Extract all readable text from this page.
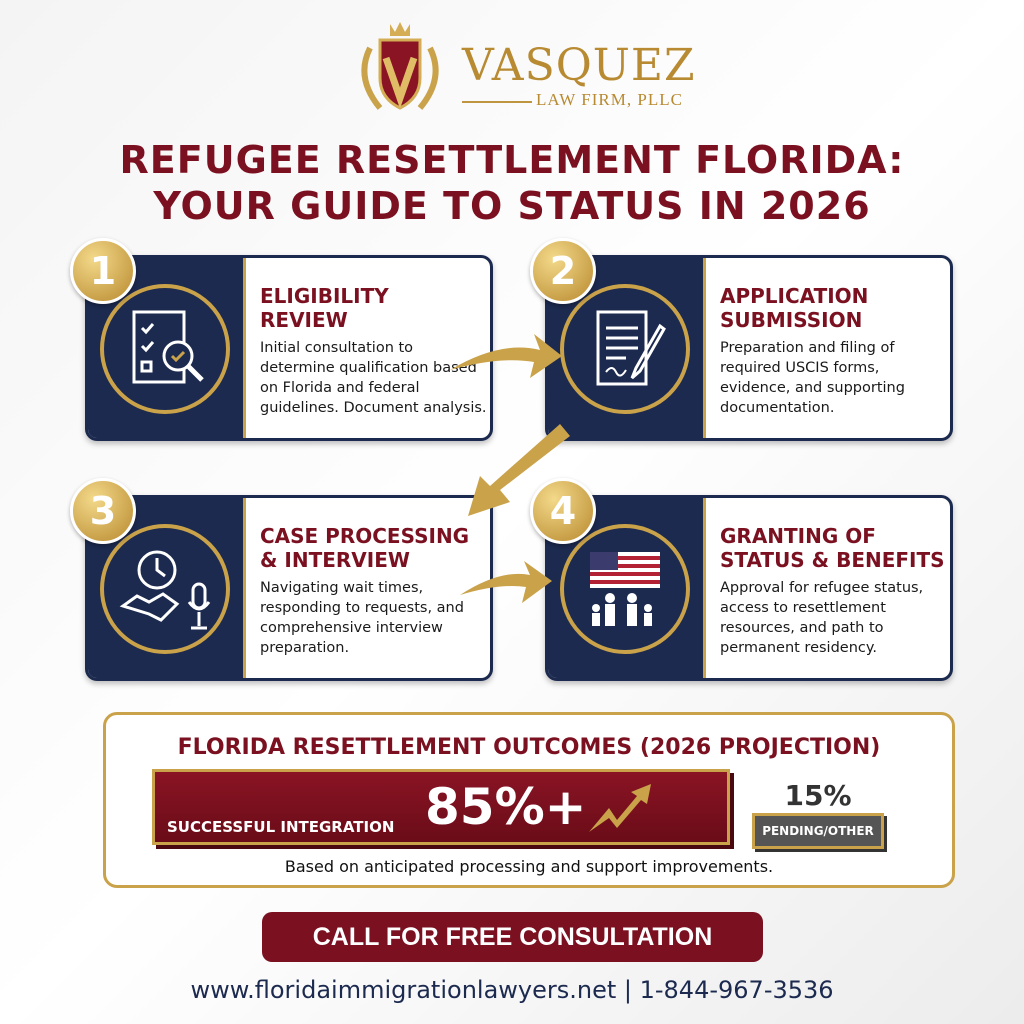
VASQUEZ
LAW FIRM, PLLC
REFUGEE RESETTLEMENT FLORIDA:
YOUR GUIDE TO STATUS IN 2026
ELIGIBILITY
REVIEW

Initial consultation to determine qualification based on Florida and federal guidelines. Document analysis.

APPLICATION
SUBMISSION

Preparation and filing of required USCIS forms, evidence, and supporting documentation.

CASE PROCESSING
& INTERVIEW

Navigating wait times, responding to requests, and comprehensive interview preparation.

GRANTING OF
STATUS & BENEFITS

Approval for refugee status, access to resettlement resources, and path to permanent residency.

1	2
3	4
FLORIDA RESETTLEMENT OUTCOMES (2026 PROJECTION)
SUCCESSFUL INTEGRATION 85%+	15%
PENDING/OTHER
Based on anticipated processing and support improvements.
CALL FOR FREE CONSULTATION
www.floridaimmigrationlawyers.net | 1-844-967-3536
